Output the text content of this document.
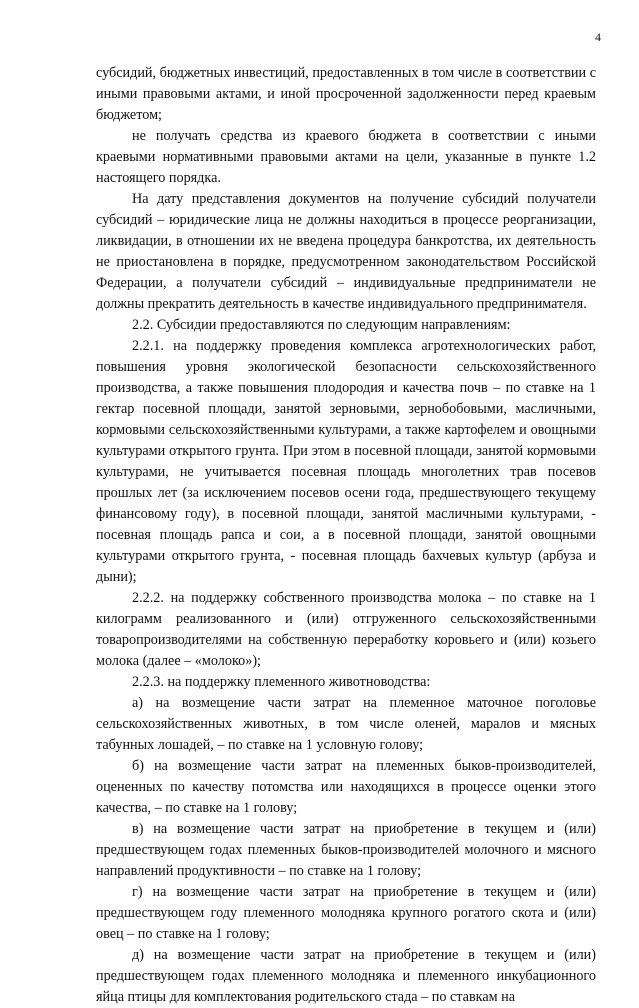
4

субсидий, бюджетных инвестиций, предоставленных в том числе в соответствии с иными правовыми актами, и иной просроченной задолженности перед краевым бюджетом;

не получать средства из краевого бюджета в соответствии с иными краевыми нормативными правовыми актами на цели, указанные в пункте 1.2 настоящего порядка.

На дату представления документов на получение субсидий получатели субсидий – юридические лица не должны находиться в процессе реорганизации, ликвидации, в отношении их не введена процедура банкротства, их деятельность не приостановлена в порядке, предусмотренном законодательством Российской Федерации, а получатели субсидий – индивидуальные предприниматели не должны прекратить деятельность в качестве индивидуального предпринимателя.

2.2. Субсидии предоставляются по следующим направлениям:

2.2.1. на поддержку проведения комплекса агротехнологических работ, повышения уровня экологической безопасности сельскохозяйственного производства, а также повышения плодородия и качества почв – по ставке на 1 гектар посевной площади, занятой зерновыми, зернобобовыми, масличными, кормовыми сельскохозяйственными культурами, а также картофелем и овощными культурами открытого грунта. При этом в посевной площади, занятой кормовыми культурами, не учитывается посевная площадь многолетних трав посевов прошлых лет (за исключением посевов осени года, предшествующего текущему финансовому году), в посевной площади, занятой масличными культурами, - посевная площадь рапса и сои, а в посевной площади, занятой овощными культурами открытого грунта, - посевная площадь бахчевых культур (арбуза и дыни);

2.2.2. на поддержку собственного производства молока – по ставке на 1 килограмм реализованного и (или) отгруженного сельскохозяйственными товаропроизводителями на собственную переработку коровьего и (или) козьего молока (далее – «молоко»);

2.2.3. на поддержку племенного животноводства:

а) на возмещение части затрат на племенное маточное поголовье сельскохозяйственных животных, в том числе оленей, маралов и мясных табунных лошадей, – по ставке на 1 условную голову;

б) на возмещение части затрат на племенных быков-производителей, оцененных по качеству потомства или находящихся в процессе оценки этого качества, – по ставке на 1 голову;

в) на возмещение части затрат на приобретение в текущем и (или) предшествующем годах племенных быков-производителей молочного и мясного направлений продуктивности – по ставке на 1 голову;

г) на возмещение части затрат на приобретение в текущем и (или) предшествующем году племенного молодняка крупного рогатого скота и (или) овец – по ставке на 1 голову;

д) на возмещение части затрат на приобретение в текущем и (или) предшествующем годах племенного молодняка и племенного инкубационного яйца птицы для комплектования родительского стада – по ставкам на
